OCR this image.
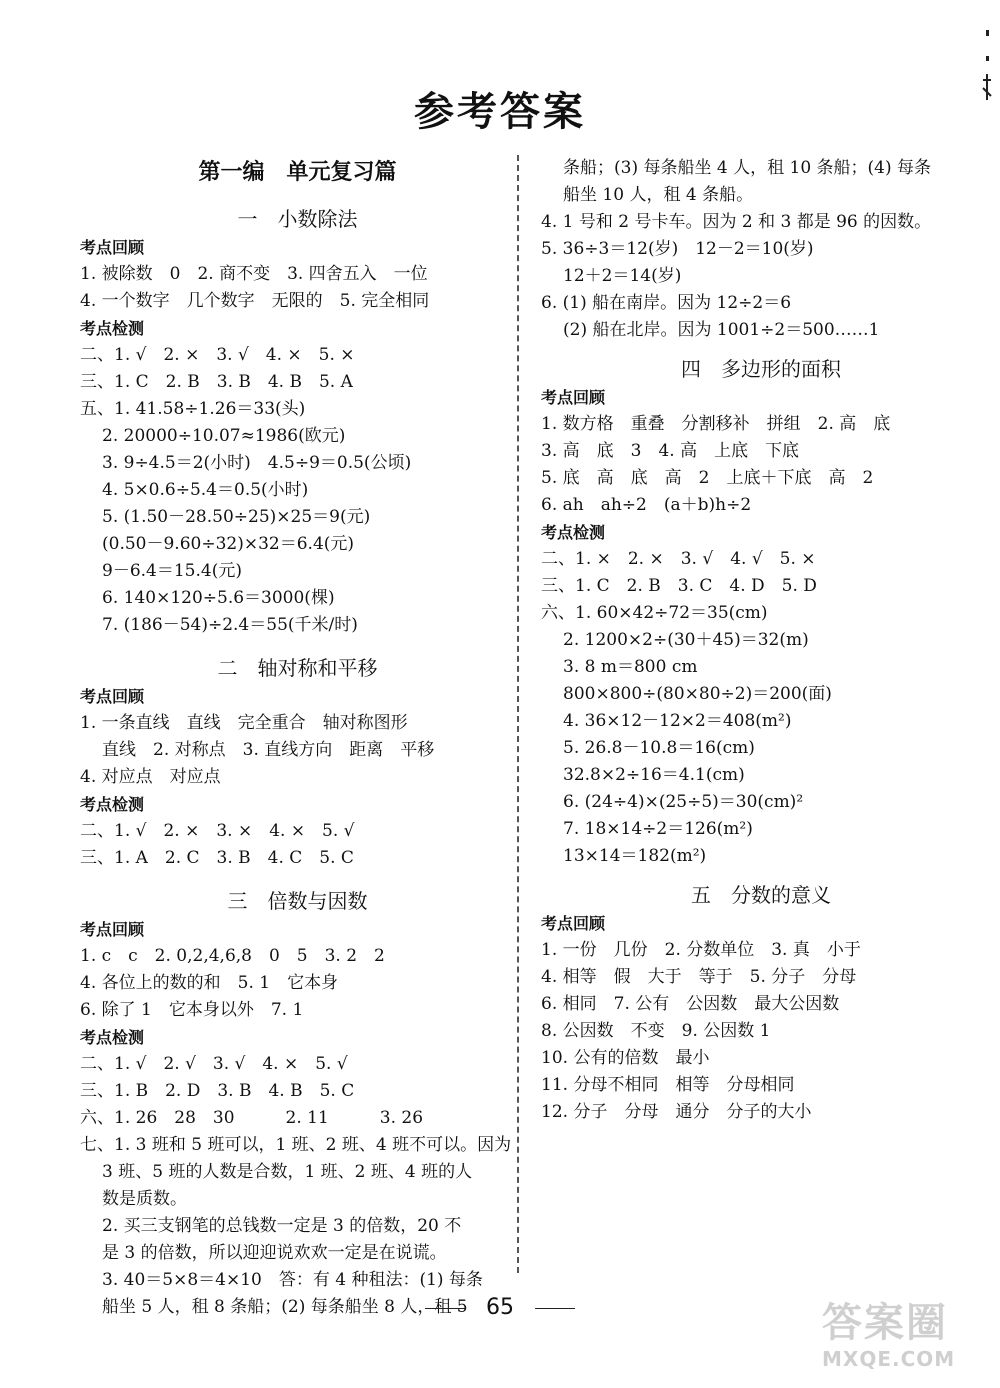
参考答案
第一编　单元复习篇
一　小数除法
考点回顾
1. 被除数　0　2. 商不变　3. 四舍五入　一位
4. 一个数字　几个数字　无限的　5. 完全相同
考点检测
二、1. √　2. ×　3. √　4. ×　5. ×
三、1. C　2. B　3. B　4. B　5. A
五、1. 41.58÷1.26＝33(头)
2. 20000÷10.07≈1986(欧元)
3. 9÷4.5＝2(小时)　4.5÷9＝0.5(公顷)
4. 5×0.6÷5.4＝0.5(小时)
5. (1.50－28.50÷25)×25＝9(元)
(0.50－9.60÷32)×32＝6.4(元)
9－6.4＝15.4(元)
6. 140×120÷5.6＝3000(棵)
7. (186－54)÷2.4＝55(千米/时)
二　轴对称和平移
考点回顾
1. 一条直线　直线　完全重合　轴对称图形
直线　2. 对称点　3. 直线方向　距离　平移
4. 对应点　对应点
考点检测
二、1. √　2. ×　3. ×　4. ×　5. √
三、1. A　2. C　3. B　4. C　5. C
三　倍数与因数
考点回顾
1. c　c　2. 0,2,4,6,8　0　5　3. 2　2
4. 各位上的数的和　5. 1　它本身
6. 除了 1　它本身以外　7. 1
考点检测
二、1. √　2. √　3. √　4. ×　5. √
三、1. B　2. D　3. B　4. B　5. C
六、1. 26　28　30　　　2. 11　　　3. 26
七、1. 3 班和 5 班可以，1 班、2 班、4 班不可以。因为
3 班、5 班的人数是合数，1 班、2 班、4 班的人
数是质数。
2. 买三支钢笔的总钱数一定是 3 的倍数，20 不
是 3 的倍数，所以迎迎说欢欢一定是在说谎。
3. 40＝5×8＝4×10　答：有 4 种租法：(1) 每条
船坐 5 人，租 8 条船；(2) 每条船坐 8 人，租 5
条船；(3) 每条船坐 4 人，租 10 条船；(4) 每条
船坐 10 人，租 4 条船。
4. 1 号和 2 号卡车。因为 2 和 3 都是 96 的因数。
5. 36÷3＝12(岁)　12－2＝10(岁)
12＋2＝14(岁)
6. (1) 船在南岸。因为 12÷2＝6
(2) 船在北岸。因为 1001÷2＝500……1
四　多边形的面积
考点回顾
1. 数方格　重叠　分割移补　拼组　2. 高　底
3. 高　底　3　4. 高　上底　下底
5. 底　高　底　高　2　上底＋下底　高　2
6. ah　ah÷2　(a＋b)h÷2
考点检测
二、1. ×　2. ×　3. √　4. √　5. ×
三、1. C　2. B　3. C　4. D　5. D
六、1. 60×42÷72＝35(cm)
2. 1200×2÷(30＋45)＝32(m)
3. 8 m＝800 cm
800×800÷(80×80÷2)＝200(面)
4. 36×12－12×2＝408(m²)
5. 26.8－10.8＝16(cm)
32.8×2÷16＝4.1(cm)
6. (24÷4)×(25÷5)＝30(cm)²
7. 18×14÷2＝126(m²)
13×14＝182(m²)
五　分数的意义
考点回顾
1. 一份　几份　2. 分数单位　3. 真　小于
4. 相等　假　大于　等于　5. 分子　分母
6. 相同　7. 公有　公因数　最大公因数
8. 公因数　不变　9. 公因数 1
10. 公有的倍数　最小
11. 分母不相同　相等　分母相同
12. 分子　分母　通分　分子的大小
65	答案圈
MXQE.COM
